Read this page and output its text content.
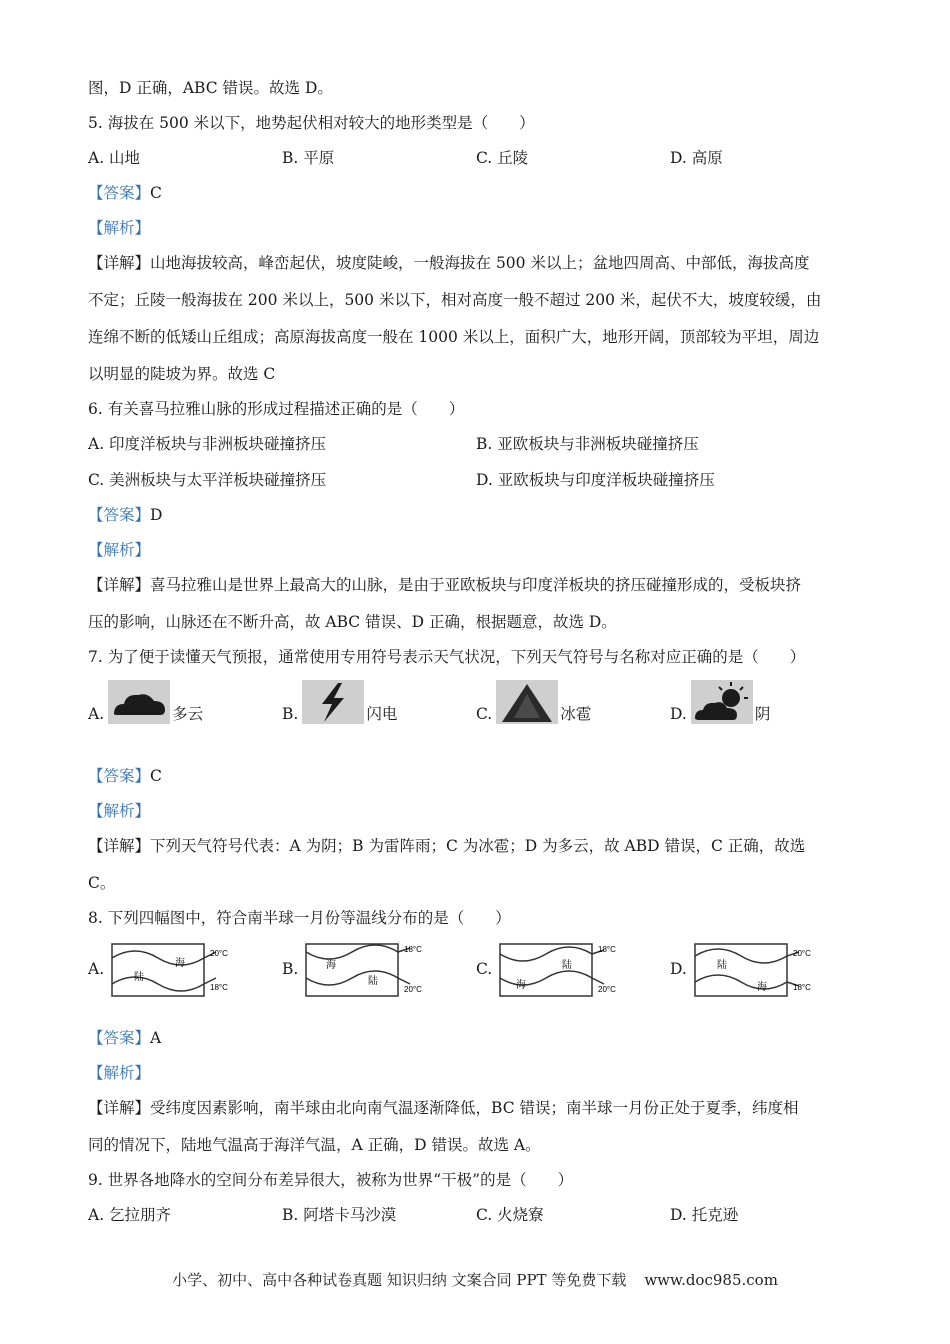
图，D 正确，ABC 错误。故选 D。
5. 海拔在 500 米以下，地势起伏相对较大的地形类型是（　　）
A. 山地	B. 平原	C. 丘陵	D. 高原
【答案】C
【解析】
【详解】山地海拔较高，峰峦起伏，坡度陡峻，一般海拔在 500 米以上；盆地四周高、中部低，海拔高度
不定；丘陵一般海拔在 200 米以上，500 米以下，相对高度一般不超过 200 米，起伏不大，坡度较缓，由
连绵不断的低矮山丘组成；高原海拔高度一般在 1000 米以上，面积广大，地形开阔，顶部较为平坦，周边
以明显的陡坡为界。故选 C
6. 有关喜马拉雅山脉的形成过程描述正确的是（　　）
A. 印度洋板块与非洲板块碰撞挤压	B. 亚欧板块与非洲板块碰撞挤压
C. 美洲板块与太平洋板块碰撞挤压	D. 亚欧板块与印度洋板块碰撞挤压
【答案】D
【解析】
【详解】喜马拉雅山是世界上最高大的山脉，是由于亚欧板块与印度洋板块的挤压碰撞形成的，受板块挤
压的影响，山脉还在不断升高，故 ABC 错误、D 正确，根据题意，故选 D。
7. 为了便于读懂天气预报，通常使用专用符号表示天气状况，下列天气符号与名称对应正确的是（　　）
A.	多云	B.	闪电	C.	冰雹	D.	阴
【答案】C
【解析】
【详解】下列天气符号代表：A 为阴；B 为雷阵雨；C 为冰雹；D 为多云，故 ABD 错误，C 正确，故选
C。
8. 下列四幅图中，符合南半球一月份等温线分布的是（　　）
A.	海
陆
20°C
18°C
B.	海
陆
18°C
20°C
C.	陆
海
18°C
20°C
D.	陆
海
20°C
18°C
【答案】A
【解析】
【详解】受纬度因素影响，南半球由北向南气温逐渐降低，BC 错误；南半球一月份正处于夏季，纬度相
同的情况下，陆地气温高于海洋气温，A 正确，D 错误。故选 A。
9. 世界各地降水的空间分布差异很大，被称为世界“干极”的是（　　）
A. 乞拉朋齐	B. 阿塔卡马沙漠	C. 火烧寮	D. 托克逊
小学、初中、高中各种试卷真题 知识归纳 文案合同 PPT 等免费下载 www.doc985.com
